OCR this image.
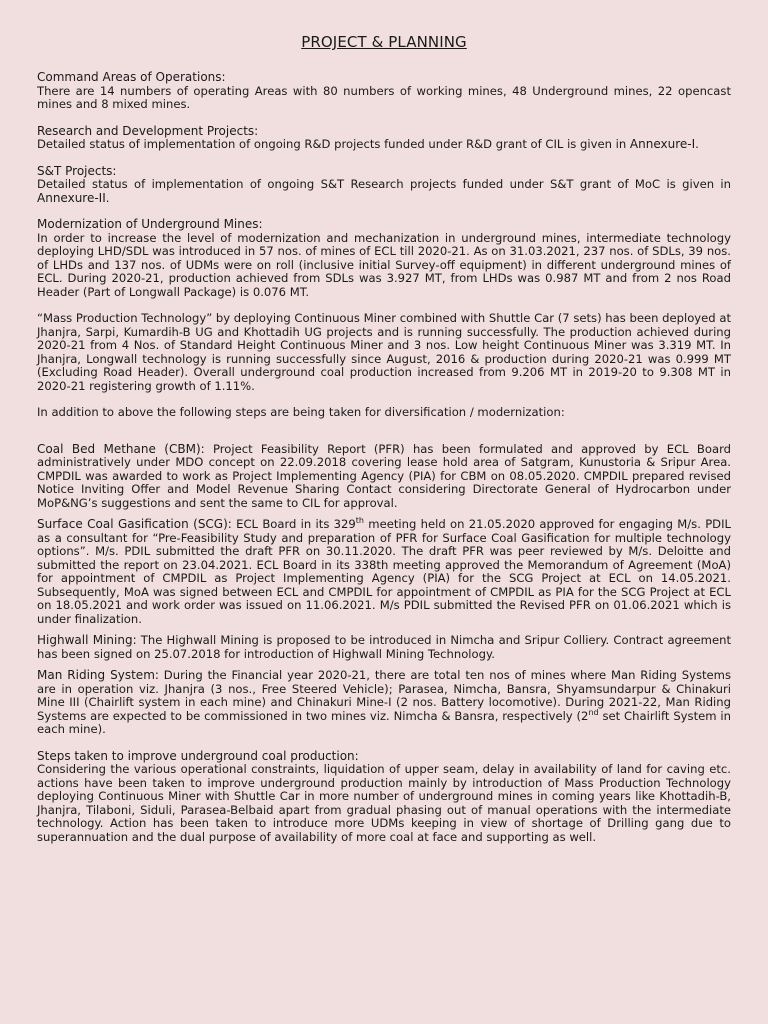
PROJECT & PLANNING
Command Areas of Operations:

There are 14 numbers of operating Areas with 80 numbers of working mines, 48 Underground mines, 22 opencast mines and 8 mixed mines.

Research and Development Projects:

Detailed status of implementation of ongoing R&D projects funded under R&D grant of CIL is given in Annexure-I.

S&T Projects:

Detailed status of implementation of ongoing S&T Research projects funded under S&T grant of MoC is given in Annexure-II.

Modernization of Underground Mines:

In order to increase the level of modernization and mechanization in underground mines, intermediate technology deploying LHD/SDL was introduced in 57 nos. of mines of ECL till 2020-21. As on 31.03.2021, 237 nos. of SDLs, 39 nos. of LHDs and 137 nos. of UDMs were on roll (inclusive initial Survey-off equipment) in different underground mines of ECL. During 2020-21, production achieved from SDLs was 3.927 MT, from LHDs was 0.987 MT and from 2 nos Road Header (Part of Longwall Package) is 0.076 MT.

“Mass Production Technology” by deploying Continuous Miner combined with Shuttle Car (7 sets) has been deployed at Jhanjra, Sarpi, Kumardih-B UG and Khottadih UG projects and is running successfully. The production achieved during 2020-21 from 4 Nos. of Standard Height Continuous Miner and 3 nos. Low height Continuous Miner was 3.319 MT. In Jhanjra, Longwall technology is running successfully since August, 2016 & production during 2020-21 was 0.999 MT (Excluding Road Header). Overall underground coal production increased from 9.206 MT in 2019-20 to 9.308 MT in 2020-21 registering growth of 1.11%.

In addition to above the following steps are being taken for diversification / modernization:

Coal Bed Methane (CBM): Project Feasibility Report (PFR) has been formulated and approved by ECL Board administratively under MDO concept on 22.09.2018 covering lease hold area of Satgram, Kunustoria & Sripur Area. CMPDIL was awarded to work as Project Implementing Agency (PIA) for CBM on 08.05.2020. CMPDIL prepared revised Notice Inviting Offer and Model Revenue Sharing Contact considering Directorate General of Hydrocarbon under MoP&NG’s suggestions and sent the same to CIL for approval.

Surface Coal Gasification (SCG): ECL Board in its 329th meeting held on 21.05.2020 approved for engaging M/s. PDIL as a consultant for “Pre-Feasibility Study and preparation of PFR for Surface Coal Gasification for multiple technology options”. M/s. PDIL submitted the draft PFR on 30.11.2020. The draft PFR was peer reviewed by M/s. Deloitte and submitted the report on 23.04.2021. ECL Board in its 338th meeting approved the Memorandum of Agreement (MoA) for appointment of CMPDIL as Project Implementing Agency (PIA) for the SCG Project at ECL on 14.05.2021. Subsequently, MoA was signed between ECL and CMPDIL for appointment of CMPDIL as PIA for the SCG Project at ECL on 18.05.2021 and work order was issued on 11.06.2021. M/s PDIL submitted the Revised PFR on 01.06.2021 which is under finalization.

Highwall Mining: The Highwall Mining is proposed to be introduced in Nimcha and Sripur Colliery. Contract agreement has been signed on 25.07.2018 for introduction of Highwall Mining Technology.

Man Riding System: During the Financial year 2020-21, there are total ten nos of mines where Man Riding Systems are in operation viz. Jhanjra (3 nos., Free Steered Vehicle); Parasea, Nimcha, Bansra, Shyamsundarpur & Chinakuri Mine III (Chairlift system in each mine) and Chinakuri Mine-I (2 nos. Battery locomotive). During 2021-22, Man Riding Systems are expected to be commissioned in two mines viz. Nimcha & Bansra, respectively (2nd set Chairlift System in each mine).

Steps taken to improve underground coal production:

Considering the various operational constraints, liquidation of upper seam, delay in availability of land for caving etc. actions have been taken to improve underground production mainly by introduction of Mass Production Technology deploying Continuous Miner with Shuttle Car in more number of underground mines in coming years like Khottadih-B, Jhanjra, Tilaboni, Siduli, Parasea-Belbaid apart from gradual phasing out of manual operations with the intermediate technology. Action has been taken to introduce more UDMs keeping in view of shortage of Drilling gang due to superannuation and the dual purpose of availability of more coal at face and supporting as well.
